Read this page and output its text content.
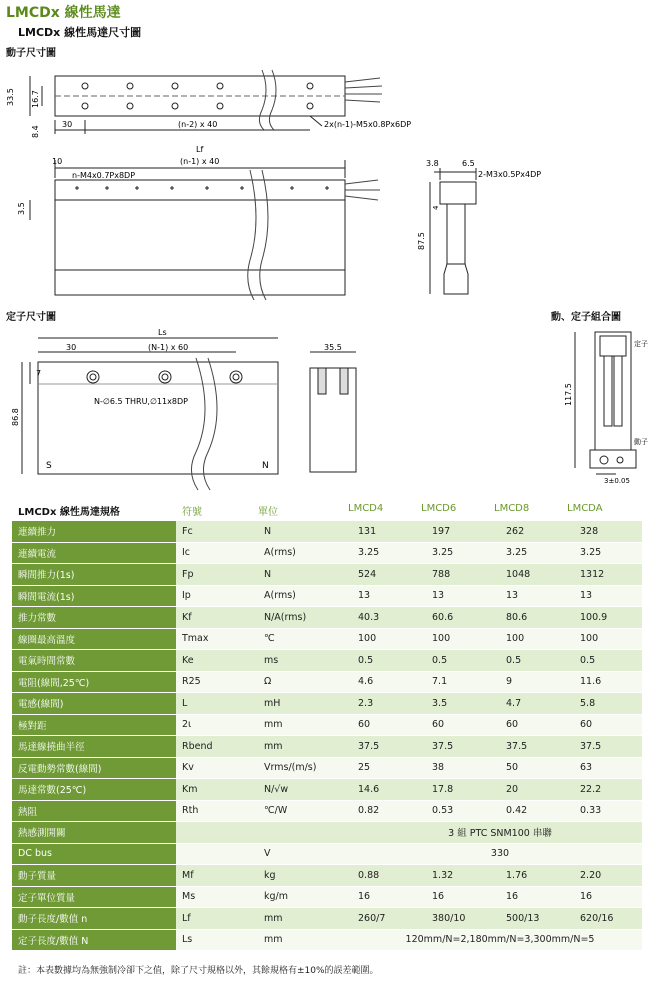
LMCDx 線性馬達
LMCDx 線性馬達尺寸圖
動子尺寸圖
33.5 16.7
8.4
30	(n-2) x 40	2x(n-1)-M5x0.8Px6DP
Lf
10	(n-1) x 40
n-M4x0.7Px8DP
3.5
3.8	6.5
2-M3x0.5Px4DP
4
87.5
定子尺寸圖	動、定子組合圖
Ls
30	(N-1) x 60
7
86.8
N-∅6.5 THRU,∅11x8DP
S	N
35.5
117.5
定子
動子
3±0.05
LMCDx 線性馬達規格	符號	單位	LMCD4	LMCD6	LMCD8	LMCDA
連續推力	Fc	N	131	197	262	328
連續電流	Ic	A(rms)	3.25	3.25	3.25	3.25
瞬間推力(1s)	Fp	N	524	788	1048	1312
瞬間電流(1s)	Ip	A(rms)	13	13	13	13
推力常數	Kf	N/A(rms)	40.3	60.6	80.6	100.9
線圈最高溫度	Tmax	℃	100	100	100	100
電氣時間常數	Ke	ms	0.5	0.5	0.5	0.5
電阻(線間,25℃)	R25	Ω	4.6	7.1	9	11.6
電感(線間)	L	mH	2.3	3.5	4.7	5.8
極對距	2ι	mm	60	60	60	60
馬達線撓曲半徑	Rbend	mm	37.5	37.5	37.5	37.5
反電動勢常數(線間)	Kv	Vrms/(m/s)	25	38	50	63
馬達常數(25℃)	Km	N/√w	14.6	17.8	20	22.2
熱阻	Rth	℃/W	0.82	0.53	0.42	0.33
熱感測開關			3 組 PTC SNM100 串聯			
DC bus		V	330			
動子質量	Mf	kg	0.88	1.32	1.76	2.20
定子單位質量	Ms	kg/m	16	16	16	16
動子長度/數值 n	Lf	mm	260/7	380/10	500/13	620/16
定子長度/數值 N	Ls	mm	120mm/N=2,180mm/N=3,300mm/N=5			
註：本表數據均為無強制冷卻下之值，除了尺寸規格以外，其餘規格有±10%的誤差範圍。
